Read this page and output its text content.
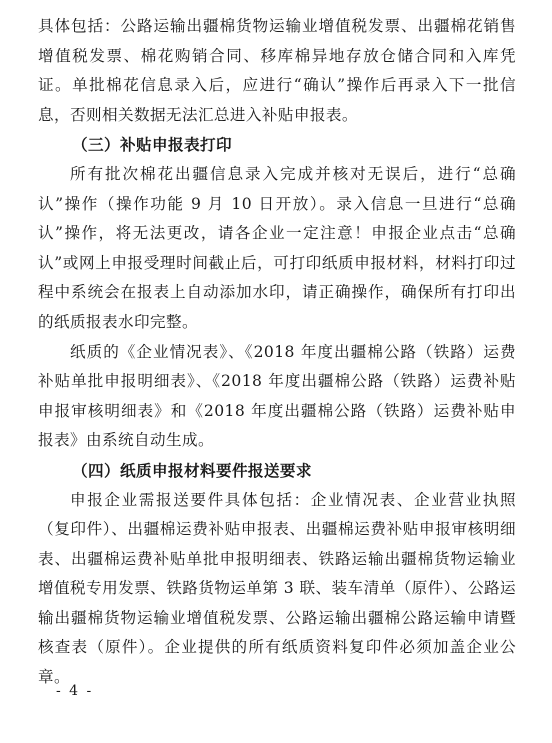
具体包括：公路运输出疆棉货物运输业增值税发票、出疆棉花销售增值税发票、棉花购销合同、移库棉异地存放仓储合同和入库凭证。单批棉花信息录入后，应进行“确认”操作后再录入下一批信息，否则相关数据无法汇总进入补贴申报表。

（三）补贴申报表打印

所有批次棉花出疆信息录入完成并核对无误后，进行“总确认”操作（操作功能 9 月 10 日开放）。录入信息一旦进行“总确认”操作，将无法更改，请各企业一定注意！申报企业点击“总确认”或网上申报受理时间截止后，可打印纸质申报材料，材料打印过程中系统会在报表上自动添加水印，请正确操作，确保所有打印出的纸质报表水印完整。

纸质的《企业情况表》、《2018 年度出疆棉公路（铁路）运费补贴单批申报明细表》、《2018 年度出疆棉公路（铁路）运费补贴申报审核明细表》和《2018 年度出疆棉公路（铁路）运费补贴申报表》由系统自动生成。

（四）纸质申报材料要件报送要求

申报企业需报送要件具体包括：企业情况表、企业营业执照（复印件）、出疆棉运费补贴申报表、出疆棉运费补贴申报审核明细表、出疆棉运费补贴单批申报明细表、铁路运输出疆棉货物运输业增值税专用发票、铁路货物运单第 3 联、装车清单（原件）、公路运输出疆棉货物运输业增值税发票、公路运输出疆棉公路运输申请暨核查表（原件）。企业提供的所有纸质资料复印件必须加盖企业公章。

- 4 -
